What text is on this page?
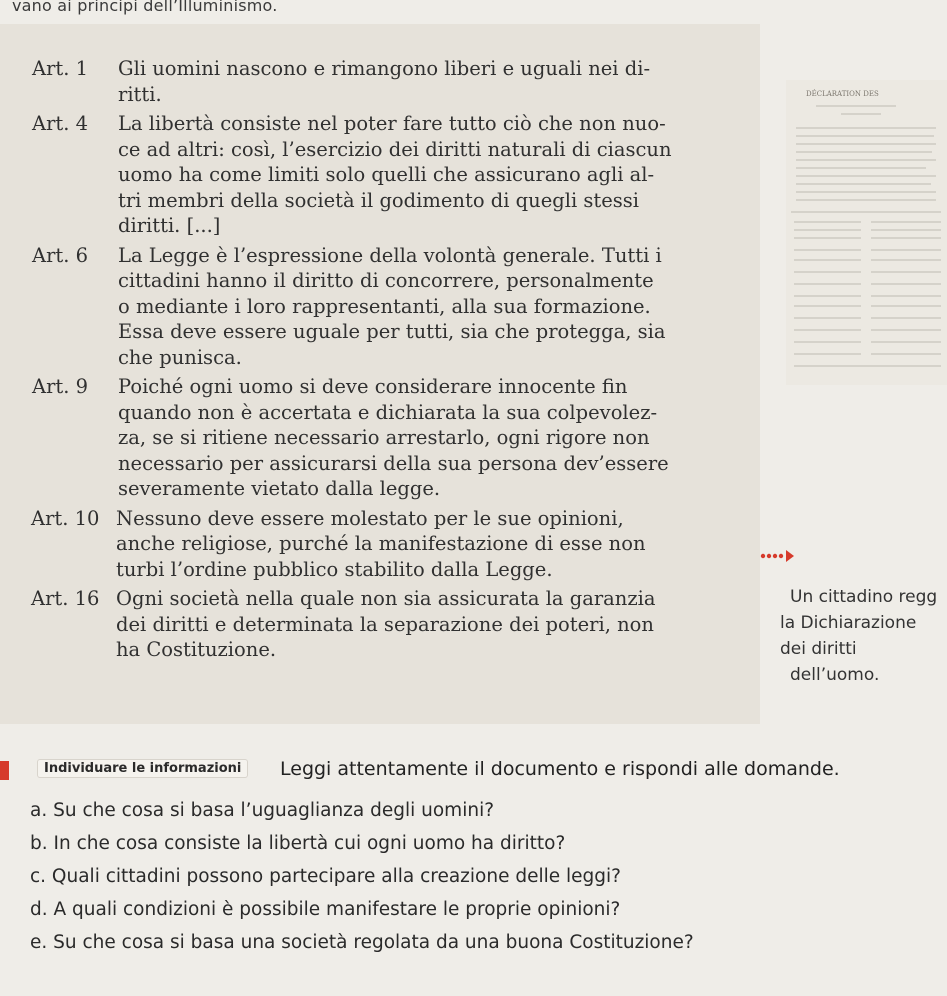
vano ai principi dell’Illuminismo.
Art. 1 Gli uomini nascono e rimangono liberi e uguali nei di-
ritti.
Art. 4 La libertà consiste nel poter fare tutto ciò che non nuo-
ce ad altri: così, l’esercizio dei diritti naturali di ciascun
uomo ha come limiti solo quelli che assicurano agli al-
tri membri della società il godimento di quegli stessi
diritti. [...]
Art. 6 La Legge è l’espressione della volontà generale. Tutti i
cittadini hanno il diritto di concorrere, personalmente
o mediante i loro rappresentanti, alla sua formazione.
Essa deve essere uguale per tutti, sia che protegga, sia
che punisca.
Art. 9 Poiché ogni uomo si deve considerare innocente fin
quando non è accertata e dichiarata la sua colpevolez-
za, se si ritiene necessario arrestarlo, ogni rigore non
necessario per assicurarsi della sua persona dev’essere
severamente vietato dalla legge.
Art. 10 Nessuno deve essere molestato per le sue opinioni,
anche religiose, purché la manifestazione di esse non
turbi l’ordine pubblico stabilito dalla Legge.
Art. 16 Ogni società nella quale non sia assicurata la garanzia
dei diritti e determinata la separazione dei poteri, non
ha Costituzione.
DÉCLARATION DES
Un cittadino regg
la Dichiarazione
dei diritti
dell’uomo.
Individuare le informazioni	Leggi attentamente il documento e rispondi alle domande.
a. Su che cosa si basa l’uguaglianza degli uomini?
b. In che cosa consiste la libertà cui ogni uomo ha diritto?
c. Quali cittadini possono partecipare alla creazione delle leggi?
d. A quali condizioni è possibile manifestare le proprie opinioni?
e. Su che cosa si basa una società regolata da una buona Costituzione?
